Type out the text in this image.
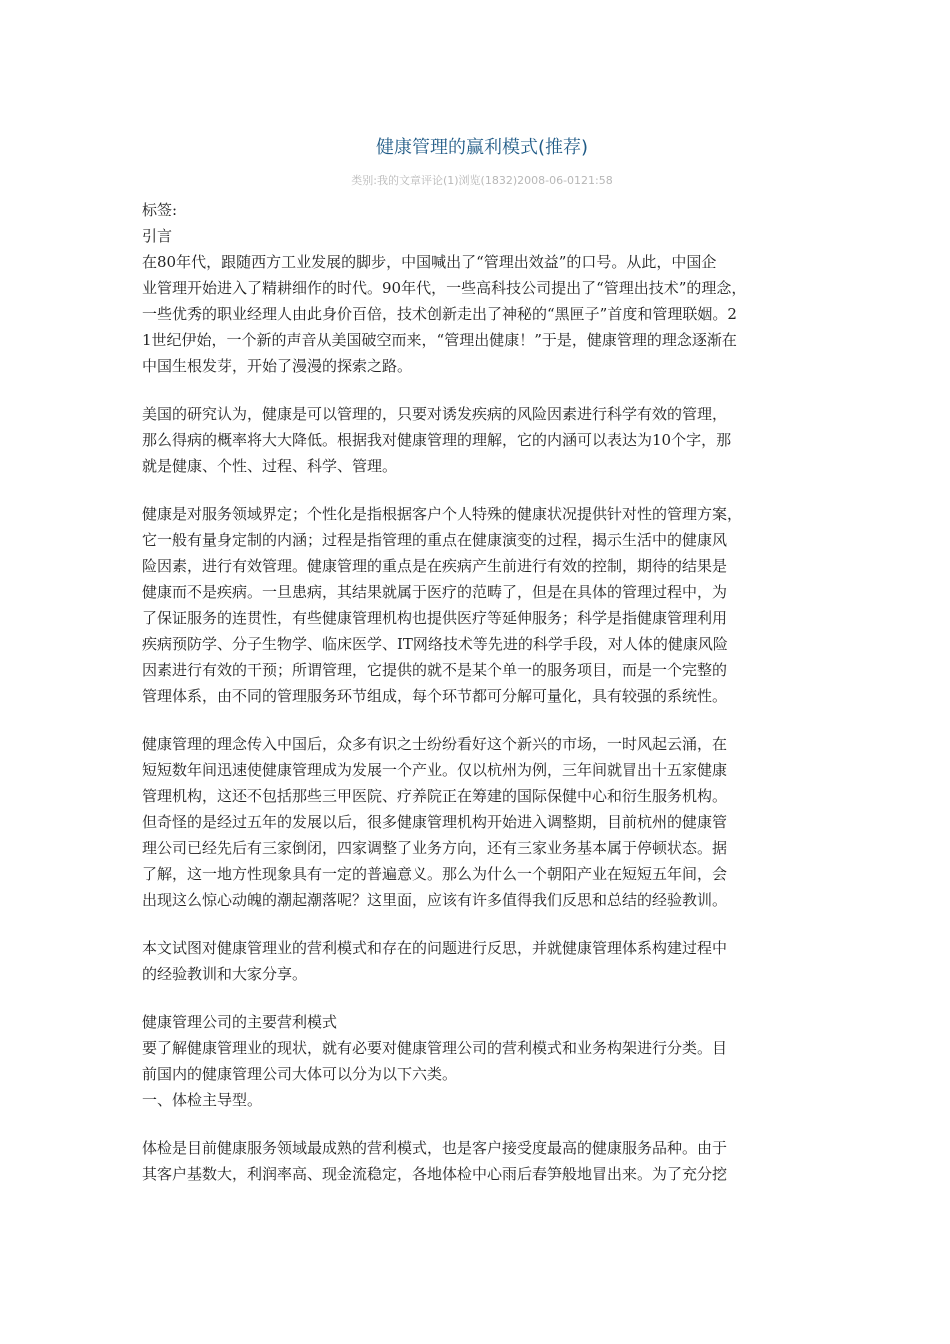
健康管理的赢利模式(推荐)
类别:我的文章评论(1)浏览(1832)2008-06-0121:58
标签:
引言
在80年代，跟随西方工业发展的脚步，中国喊出了“管理出效益”的口号。从此，中国企
业管理开始进入了精耕细作的时代。90年代，一些高科技公司提出了“管理出技术”的理念，
一些优秀的职业经理人由此身价百倍，技术创新走出了神秘的“黑匣子”首度和管理联姻。2
1世纪伊始，一个新的声音从美国破空而来，“管理出健康！”于是，健康管理的理念逐渐在
中国生根发芽，开始了漫漫的探索之路。
美国的研究认为，健康是可以管理的，只要对诱发疾病的风险因素进行科学有效的管理，
那么得病的概率将大大降低。根据我对健康管理的理解，它的内涵可以表达为10个字，那
就是健康、个性、过程、科学、管理。
健康是对服务领域界定；个性化是指根据客户个人特殊的健康状况提供针对性的管理方案，
它一般有量身定制的内涵；过程是指管理的重点在健康演变的过程，揭示生活中的健康风
险因素，进行有效管理。健康管理的重点是在疾病产生前进行有效的控制，期待的结果是
健康而不是疾病。一旦患病，其结果就属于医疗的范畴了，但是在具体的管理过程中，为
了保证服务的连贯性，有些健康管理机构也提供医疗等延伸服务；科学是指健康管理利用
疾病预防学、分子生物学、临床医学、IT网络技术等先进的科学手段，对人体的健康风险
因素进行有效的干预；所谓管理，它提供的就不是某个单一的服务项目，而是一个完整的
管理体系，由不同的管理服务环节组成，每个环节都可分解可量化，具有较强的系统性。
健康管理的理念传入中国后，众多有识之士纷纷看好这个新兴的市场，一时风起云涌，在
短短数年间迅速使健康管理成为发展一个产业。仅以杭州为例，三年间就冒出十五家健康
管理机构，这还不包括那些三甲医院、疗养院正在筹建的国际保健中心和衍生服务机构。
但奇怪的是经过五年的发展以后，很多健康管理机构开始进入调整期，目前杭州的健康管
理公司已经先后有三家倒闭，四家调整了业务方向，还有三家业务基本属于停顿状态。据
了解，这一地方性现象具有一定的普遍意义。那么为什么一个朝阳产业在短短五年间，会
出现这么惊心动魄的潮起潮落呢？这里面，应该有许多值得我们反思和总结的经验教训。
本文试图对健康管理业的营利模式和存在的问题进行反思，并就健康管理体系构建过程中
的经验教训和大家分享。
健康管理公司的主要营利模式
要了解健康管理业的现状，就有必要对健康管理公司的营利模式和业务构架进行分类。目
前国内的健康管理公司大体可以分为以下六类。
一、体检主导型。
体检是目前健康服务领域最成熟的营利模式，也是客户接受度最高的健康服务品种。由于
其客户基数大，利润率高、现金流稳定，各地体检中心雨后春笋般地冒出来。为了充分挖
